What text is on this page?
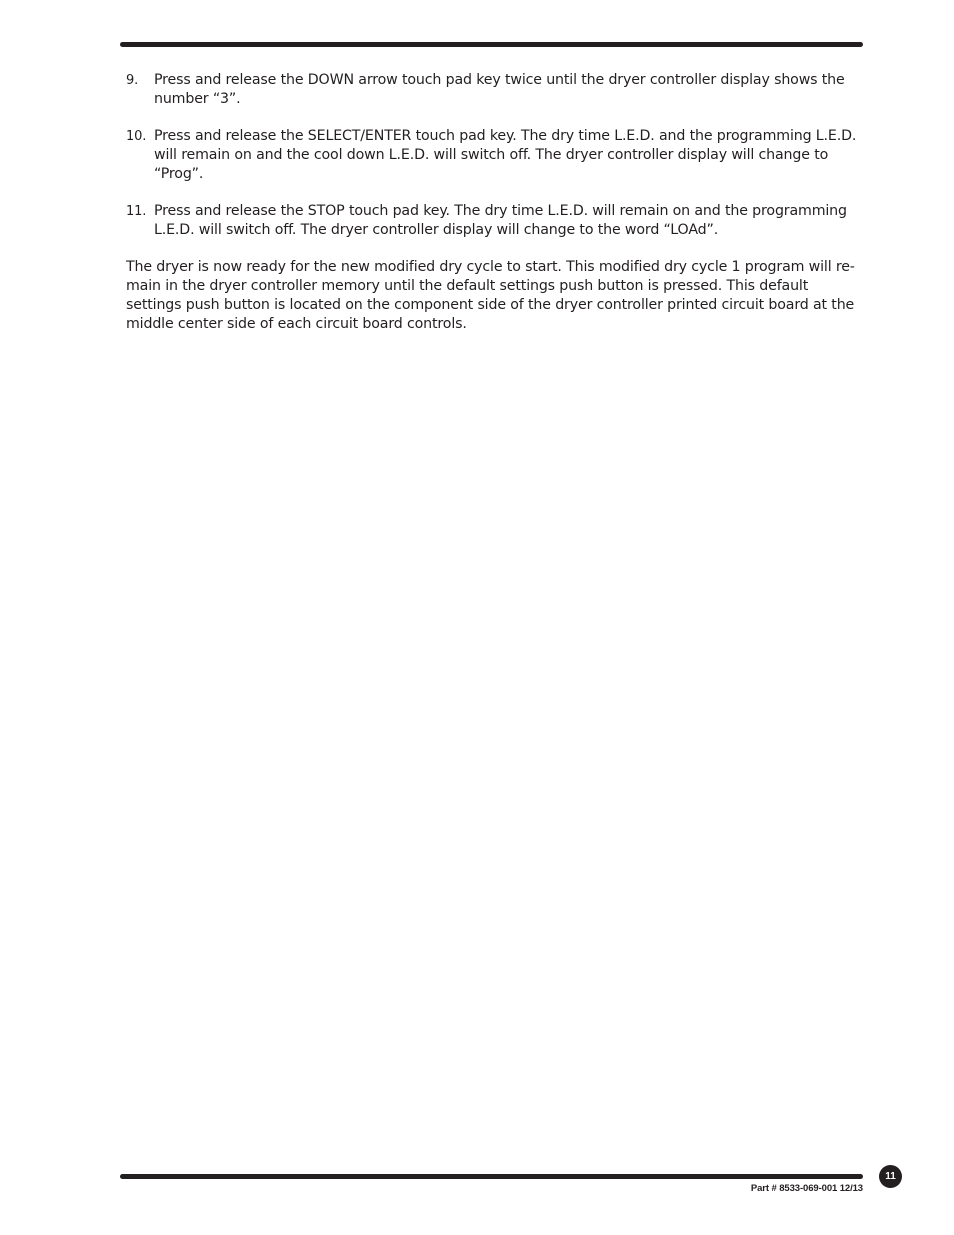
9. Press and release the DOWN arrow touch pad key twice until the dryer controller display shows the number “3”.
10. Press and release the SELECT/ENTER touch pad key. The dry time L.E.D. and the programming L.E.D. will remain on and the cool down L.E.D. will switch off. The dryer controller display will change to “Prog”.
11. Press and release the STOP touch pad key. The dry time L.E.D. will remain on and the programming L.E.D. will switch off. The dryer controller display will change to the word “LOAd”.

The dryer is now ready for the new modified dry cycle to start. This modified dry cycle 1 program will remain in the dryer controller memory until the default settings push button is pressed. This default settings push button is located on the component side of the dryer controller printed circuit board at the middle center side of each circuit board controls.

Part # 8533-069-001 12/13
11
